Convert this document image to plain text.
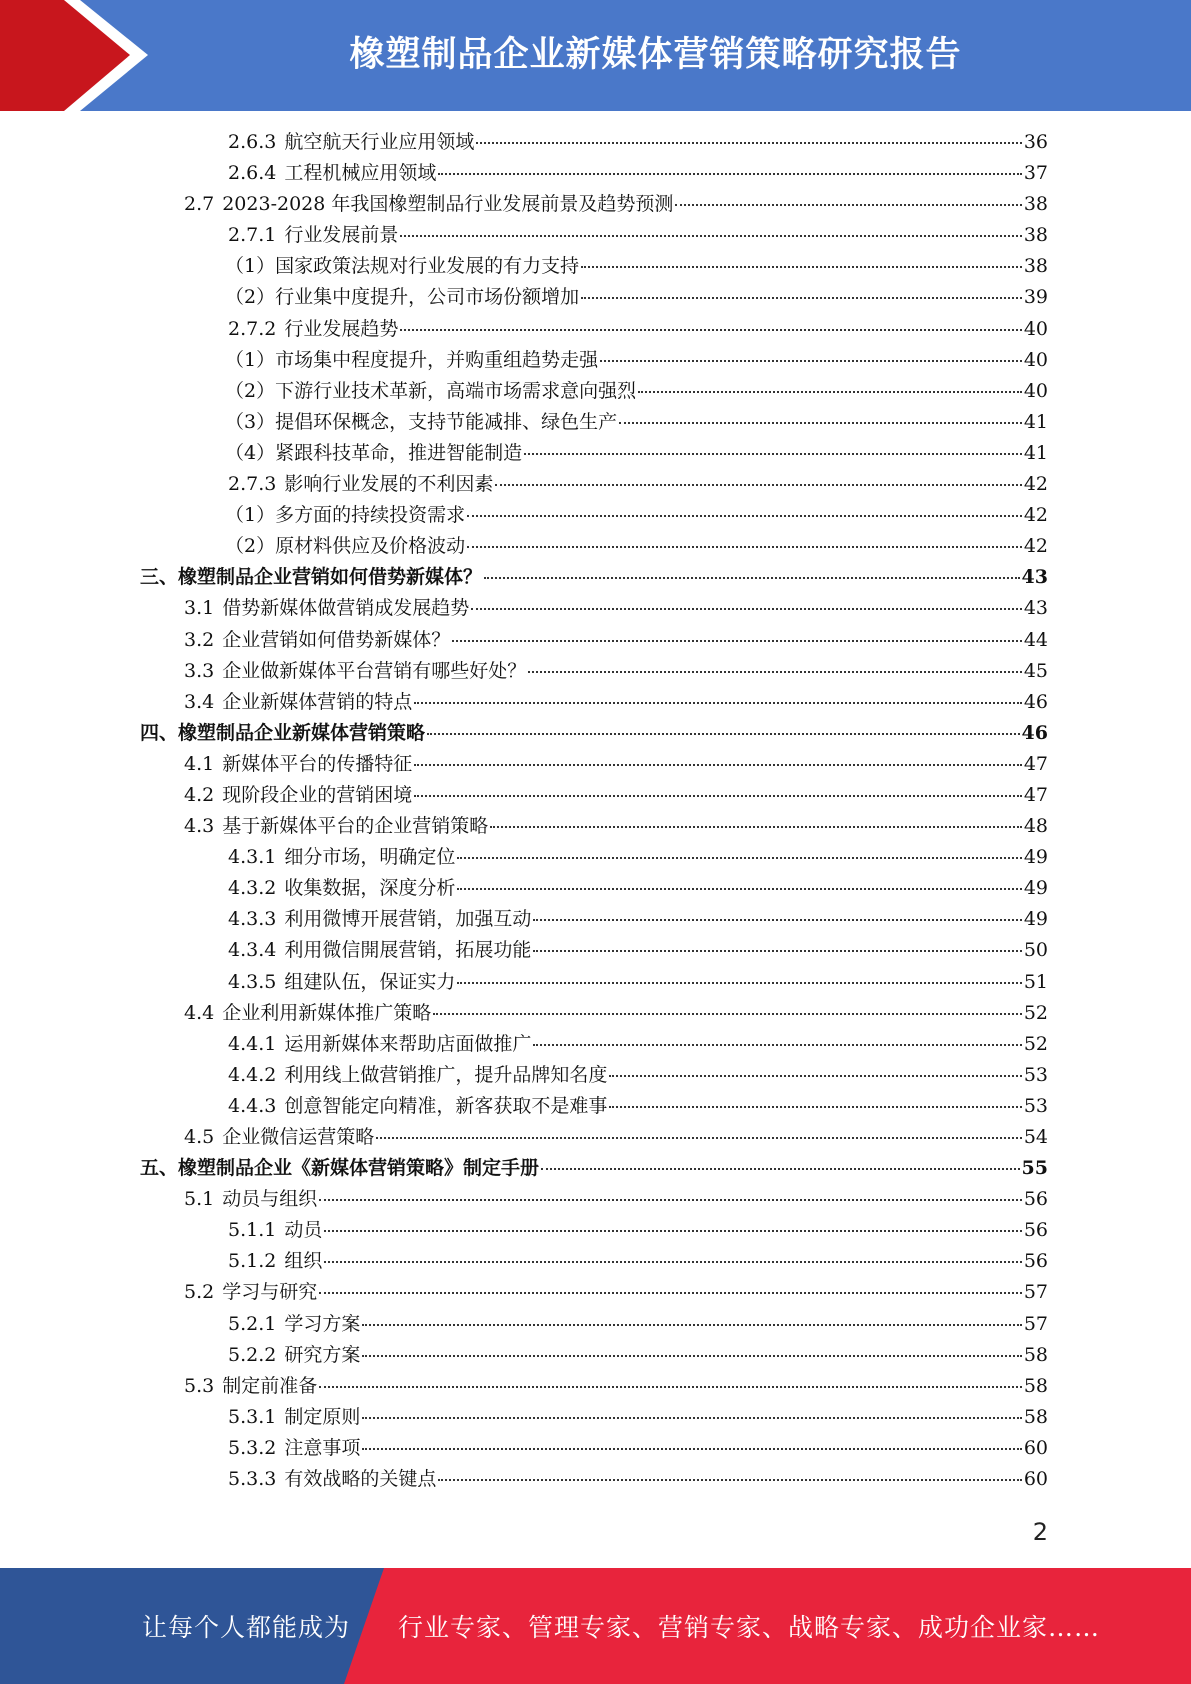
橡塑制品企业新媒体营销策略研究报告
2.6.3 航空航天行业应用领域	36
2.6.4 工程机械应用领域	37
2.7 2023-2028 年我国橡塑制品行业发展前景及趋势预测	38
2.7.1 行业发展前景	38
（1）国家政策法规对行业发展的有力支持	38
（2）行业集中度提升，公司市场份额增加	39
2.7.2 行业发展趋势	40
（1）市场集中程度提升，并购重组趋势走强	40
（2）下游行业技术革新，高端市场需求意向强烈	40
（3）提倡环保概念，支持节能减排、绿色生产	41
（4）紧跟科技革命，推进智能制造	41
2.7.3 影响行业发展的不利因素	42
（1）多方面的持续投资需求	42
（2）原材料供应及价格波动	42
三、橡塑制品企业营销如何借势新媒体？	43
3.1 借势新媒体做营销成发展趋势	43
3.2 企业营销如何借势新媒体？	44
3.3 企业做新媒体平台营销有哪些好处？	45
3.4 企业新媒体营销的特点	46
四、橡塑制品企业新媒体营销策略	46
4.1 新媒体平台的传播特征	47
4.2 现阶段企业的营销困境	47
4.3 基于新媒体平台的企业营销策略	48
4.3.1 细分市场，明确定位	49
4.3.2 收集数据，深度分析	49
4.3.3 利用微博开展营销，加强互动	49
4.3.4 利用微信開展营销，拓展功能	50
4.3.5 组建队伍，保证实力	51
4.4 企业利用新媒体推广策略	52
4.4.1 运用新媒体来帮助店面做推广	52
4.4.2 利用线上做营销推广，提升品牌知名度	53
4.4.3 创意智能定向精准，新客获取不是难事	53
4.5 企业微信运营策略	54
五、橡塑制品企业《新媒体营销策略》制定手册	55
5.1 动员与组织	56
5.1.1 动员	56
5.1.2 组织	56
5.2 学习与研究	57
5.2.1 学习方案	57
5.2.2 研究方案	58
5.3 制定前准备	58
5.3.1 制定原则	58
5.3.2 注意事项	60
5.3.3 有效战略的关键点	60
2
让每个人都能成为 行业专家、管理专家、营销专家、战略专家、成功企业家……
